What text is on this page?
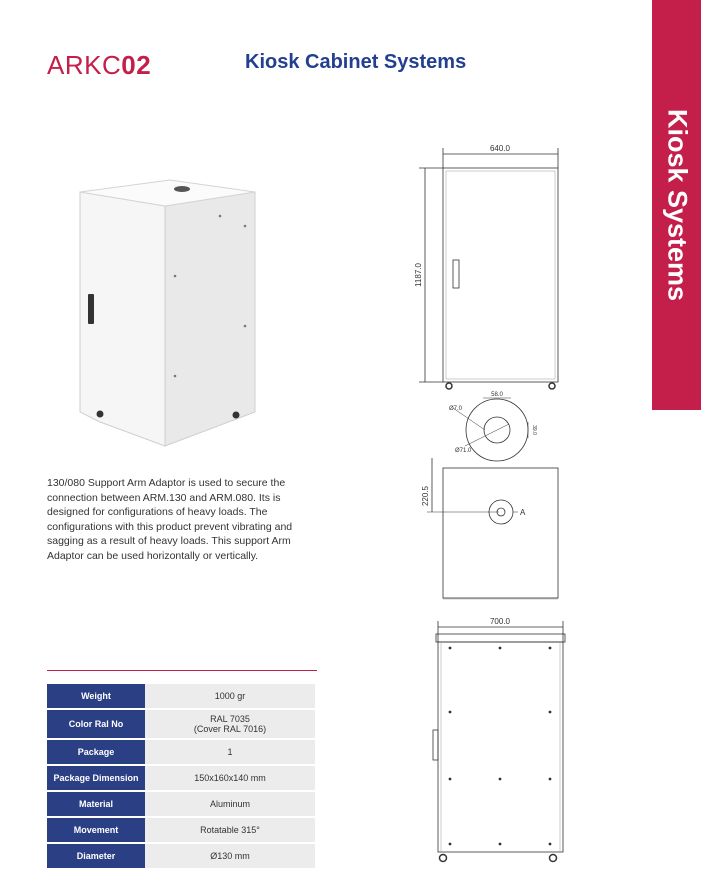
ARKC02	Kiosk Cabinet Systems
Kiosk Systems
130/080 Support Arm Adaptor is used to secure the connection between ARM.130 and ARM.080. Its is designed for configurations of heavy loads. The configurations with this product prevent vibrating and sagging as a result of heavy loads. This support Arm Adaptor can be used horizontally or vertically.
Weight	1000 gr
Color Ral No	RAL 7035
(Cover RAL 7016)

Package	1
Package Dimension	150x160x140 mm
Material	Aluminum
Movement	Rotatable 315°
Diameter	Ø130 mm
640.0
1187.0
58.0
39.0
Ø7.0
Ø71.0
220.5
A
700.0
